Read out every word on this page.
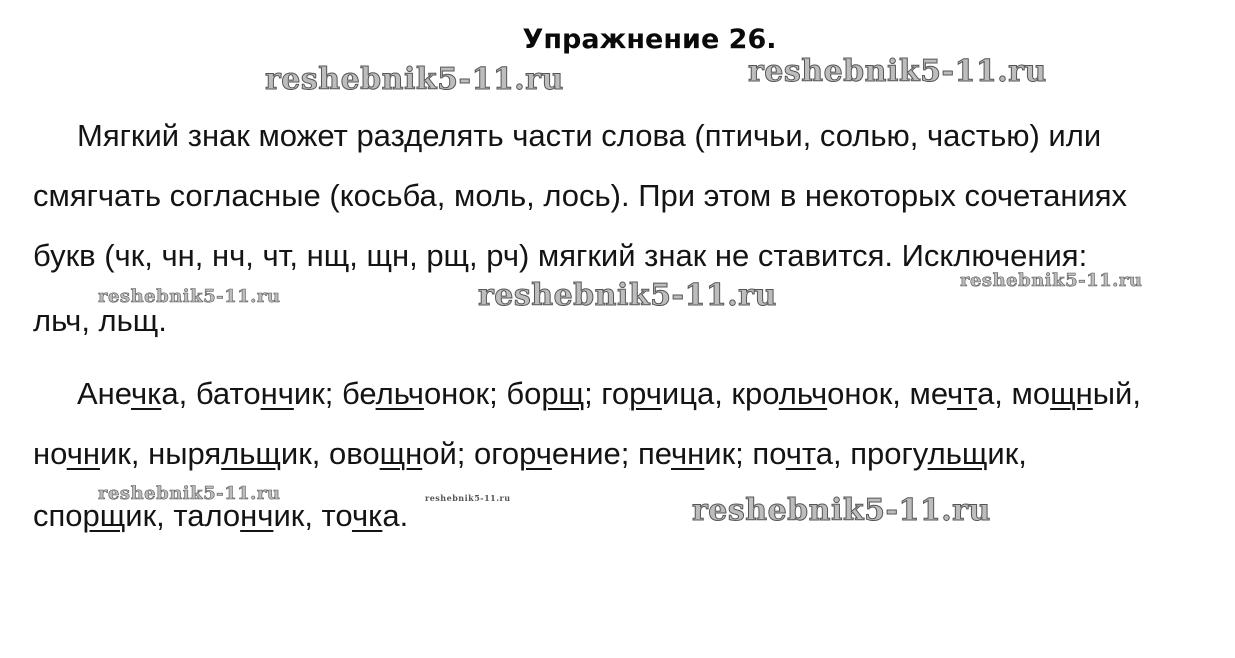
Упражнение 26.
reshebnik5-11.ru	reshebnik5-11.ru
reshebnik5-11.ru	reshebnik5-11.ru	reshebnik5-11.ru
reshebnik5-11.ru	reshebnik5-11.ru	reshebnik5-11.ru
Мягкий знак может разделять части слова (птичьи, солью, частью) или
смягчать согласные (косьба, моль, лось). При этом в некоторых сочетаниях
букв (чк, чн, нч, чт, нщ, щн, рщ, рч) мягкий знак не ставится. Исключения:
льч, льщ.
Анечка, батончик; бельчонок; борщ; горчица, крольчонок, мечта, мощный,
ночник, ныряльщик, овощной; огорчение; печник; почта, прогульщик,
спорщик, талончик, точка.
